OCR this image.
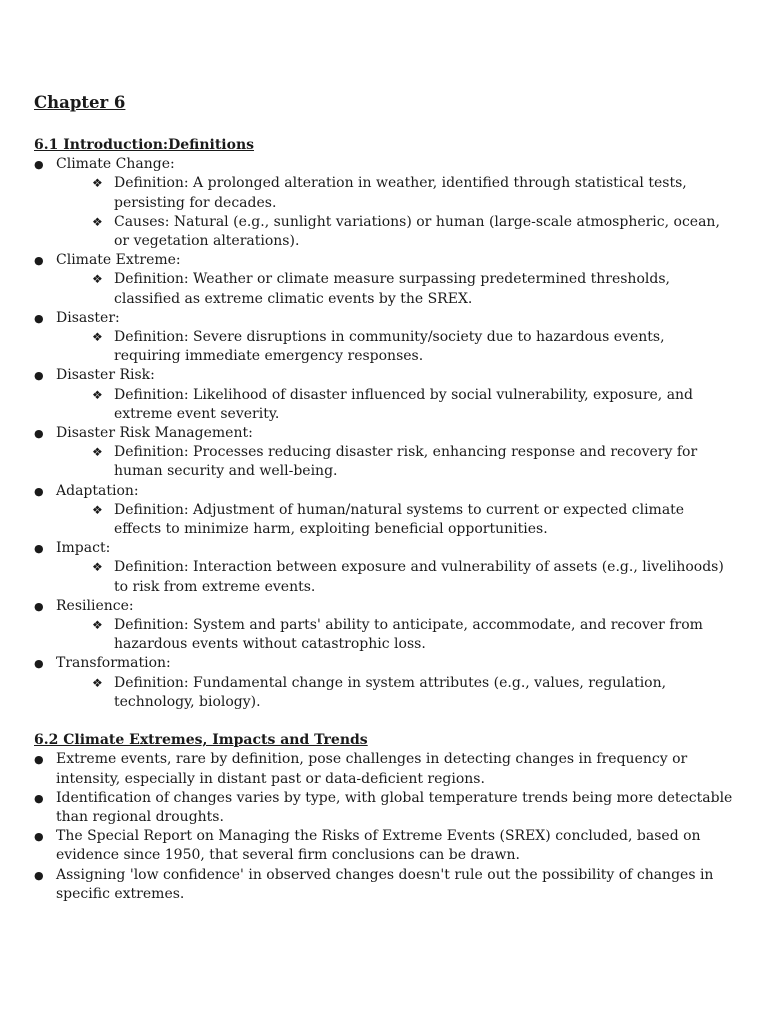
Chapter 6
6.1 Introduction:Definitions
● Climate Change:
❖ Definition: A prolonged alteration in weather, identified through statistical tests, persisting for decades.
❖ Causes: Natural (e.g., sunlight variations) or human (large-scale atmospheric, ocean, or vegetation alterations).
● Climate Extreme:
❖ Definition: Weather or climate measure surpassing predetermined thresholds, classified as extreme climatic events by the SREX.
● Disaster:
❖ Definition: Severe disruptions in community/society due to hazardous events, requiring immediate emergency responses.
● Disaster Risk:
❖ Definition: Likelihood of disaster influenced by social vulnerability, exposure, and extreme event severity.
● Disaster Risk Management:
❖ Definition: Processes reducing disaster risk, enhancing response and recovery for human security and well-being.
● Adaptation:
❖ Definition: Adjustment of human/natural systems to current or expected climate effects to minimize harm, exploiting beneficial opportunities.
● Impact:
❖ Definition: Interaction between exposure and vulnerability of assets (e.g., livelihoods) to risk from extreme events.
● Resilience:
❖ Definition: System and parts' ability to anticipate, accommodate, and recover from hazardous events without catastrophic loss.
● Transformation:
❖ Definition: Fundamental change in system attributes (e.g., values, regulation, technology, biology).
6.2 Climate Extremes, Impacts and Trends
● Extreme events, rare by definition, pose challenges in detecting changes in frequency or intensity, especially in distant past or data-deficient regions.
● Identification of changes varies by type, with global temperature trends being more detectable than regional droughts.
● The Special Report on Managing the Risks of Extreme Events (SREX) concluded, based on evidence since 1950, that several firm conclusions can be drawn.
● Assigning 'low confidence' in observed changes doesn't rule out the possibility of changes in specific extremes.
